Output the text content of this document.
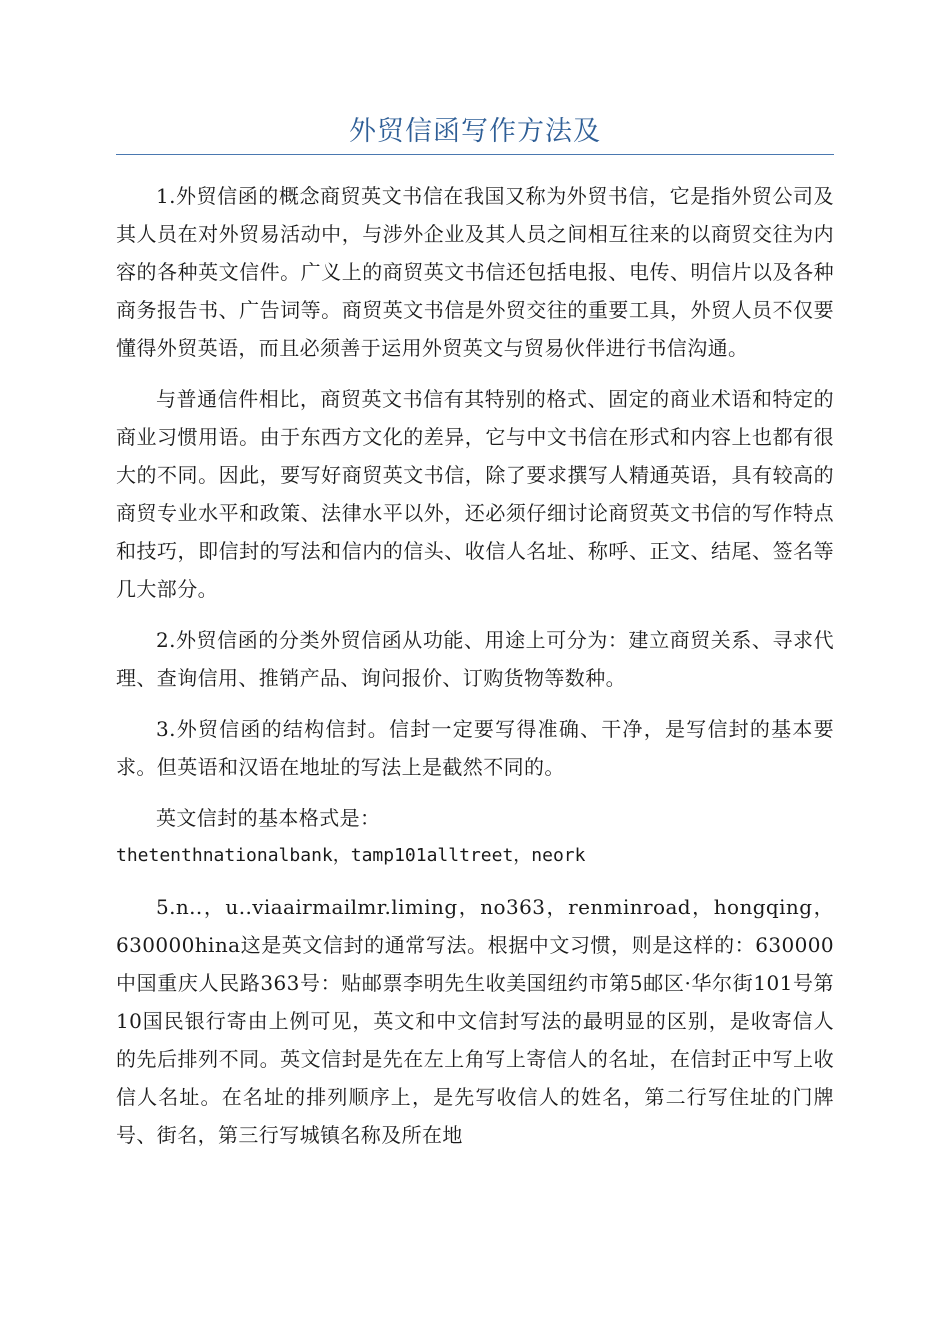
外贸信函写作方法及

1.外贸信函的概念商贸英文书信在我国又称为外贸书信，它是指外贸公司及其人员在对外贸易活动中，与涉外企业及其人员之间相互往来的以商贸交往为内容的各种英文信件。广义上的商贸英文书信还包括电报、电传、明信片以及各种商务报告书、广告词等。商贸英文书信是外贸交往的重要工具，外贸人员不仅要懂得外贸英语，而且必须善于运用外贸英文与贸易伙伴进行书信沟通。

与普通信件相比，商贸英文书信有其特别的格式、固定的商业术语和特定的商业习惯用语。由于东西方文化的差异，它与中文书信在形式和内容上也都有很大的不同。因此，要写好商贸英文书信，除了要求撰写人精通英语，具有较高的商贸专业水平和政策、法律水平以外，还必须仔细讨论商贸英文书信的写作特点和技巧，即信封的写法和信内的信头、收信人名址、称呼、正文、结尾、签名等几大部分。

2.外贸信函的分类外贸信函从功能、用途上可分为：建立商贸关系、寻求代理、查询信用、推销产品、询问报价、订购货物等数种。

3.外贸信函的结构信封。信封一定要写得准确、干净，是写信封的基本要求。但英语和汉语在地址的写法上是截然不同的。

英文信封的基本格式是：

thetenthnationalbank，tamp101alltreet，neork

5.n..，u..viaairmailmr.liming，no363，renminroad，hongqing，630000hina这是英文信封的通常写法。根据中文习惯，则是这样的：630000中国重庆人民路363号：贴邮票李明先生收美国纽约市第5邮区·华尔街101号第10国民银行寄由上例可见，英文和中文信封写法的最明显的区别，是收寄信人的先后排列不同。英文信封是先在左上角写上寄信人的名址，在信封正中写上收信人名址。在名址的排列顺序上，是先写收信人的姓名，第二行写住址的门牌号、街名，第三行写城镇名称及所在地
